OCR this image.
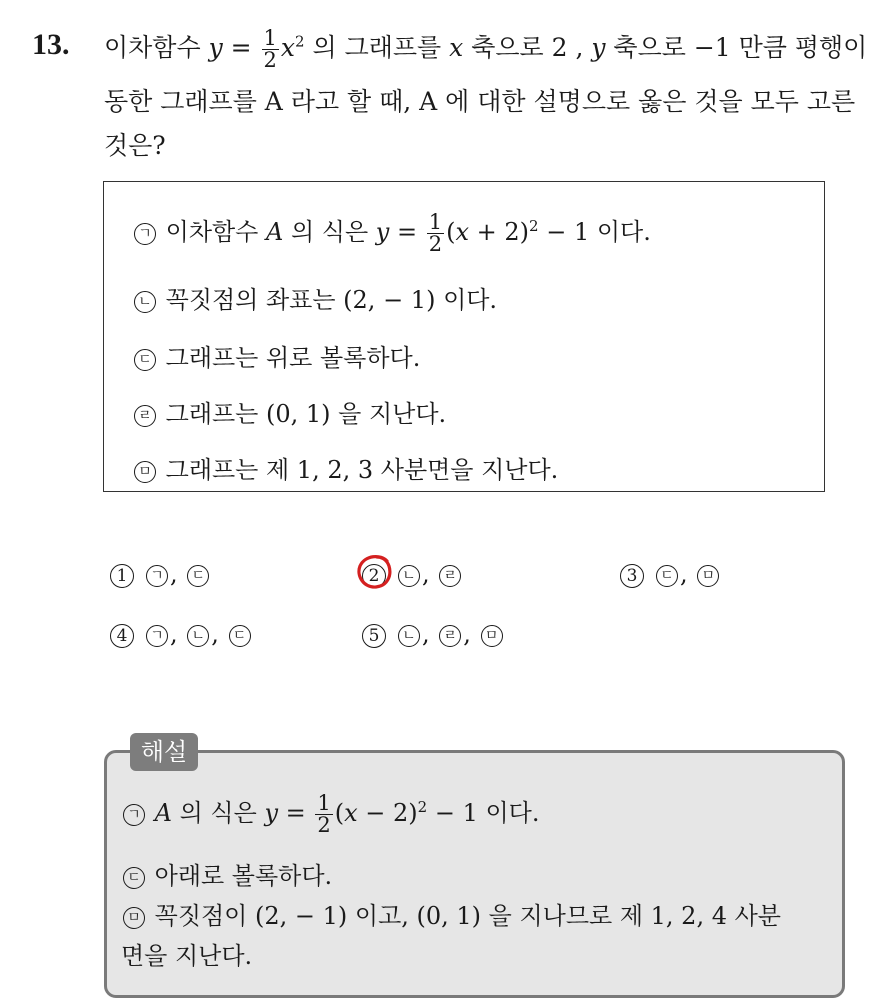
13. 이차함수 $y = \frac{1}{2} x^2$ 의 그래프를 x 축으로 2 , y 축으로 −1 만큼 평행이
동한 그래프를 A 라고 할 때, A 에 대한 설명으로 옳은 것을 모두 고른
것은?
ㄱ 이차함수 A 의 식은 $y = \frac{1}{2} (x + 2)^2 - 1$ 이다.
ㄴ 꼭짓점의 좌표는 (2, − 1) 이다.
ㄷ 그래프는 위로 볼록하다.
ㄹ 그래프는 (0, 1) 을 지난다.
ㅁ 그래프는 제 1, 2, 3 사분면을 지난다.
1 ㄱ , ㄷ	2 ㄴ , ㄹ	3 ㄷ , ㅁ
4 ㄱ , ㄴ , ㄷ	5 ㄴ , ㄹ , ㅁ
ㄱ A 의 식은 $y = \frac{1}{2} (x - 2)^2 - 1$ 이다.
ㄷ 아래로 볼록하다.
ㅁ 꼭짓점이 (2, − 1) 이고, (0, 1) 을 지나므로 제 1, 2, 4 사분
면을 지난다.
해설
